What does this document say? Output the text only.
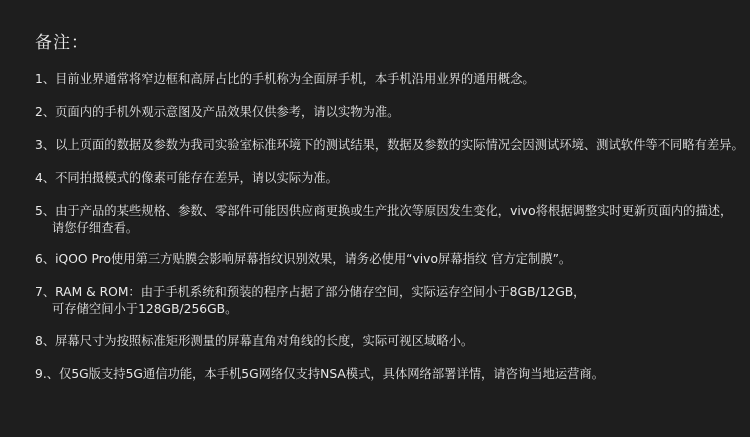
备注：
1、目前业界通常将窄边框和高屏占比的手机称为全面屏手机，本手机沿用业界的通用概念。
2、页面内的手机外观示意图及产品效果仅供参考，请以实物为准。
3、以上页面的数据及参数为我司实验室标准环境下的测试结果，数据及参数的实际情况会因测试环境、测试软件等不同略有差异。
4、不同拍摄模式的像素可能存在差异，请以实际为准。
5、由于产品的某些规格、参数、零部件可能因供应商更换或生产批次等原因发生变化，vivo将根据调整实时更新页面内的描述，
请您仔细查看。
6、iQOO Pro使用第三方贴膜会影响屏幕指纹识别效果，请务必使用“vivo屏幕指纹 官方定制膜”。
7、RAM & ROM：由于手机系统和预装的程序占据了部分储存空间，实际运存空间小于8GB/12GB，
可存储空间小于128GB/256GB。
8、屏幕尺寸为按照标准矩形测量的屏幕直角对角线的长度，实际可视区域略小。
9.、仅5G版支持5G通信功能，本手机5G网络仅支持NSA模式，具体网络部署详情，请咨询当地运营商。
